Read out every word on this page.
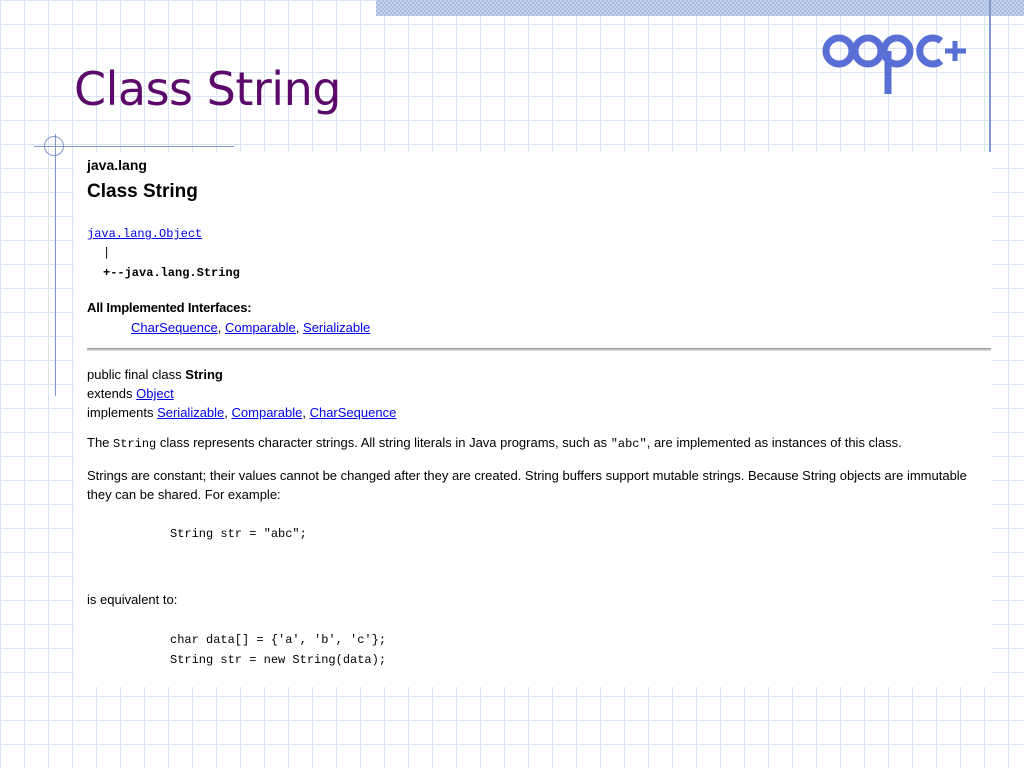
Class String
java.lang
Class String
java.lang.Object
|
+--java.lang.String
All Implemented Interfaces:
CharSequence, Comparable, Serializable
public final class String
extends Object
implements Serializable, Comparable, CharSequence
The String class represents character strings. All string literals in Java programs, such as "abc", are implemented as instances of this class.
Strings are constant; their values cannot be changed after they are created. String buffers support mutable strings. Because String objects are immutable they can be shared. For example:
String str = "abc";
is equivalent to:
char data[] = {'a', 'b', 'c'};
String str = new String(data);
